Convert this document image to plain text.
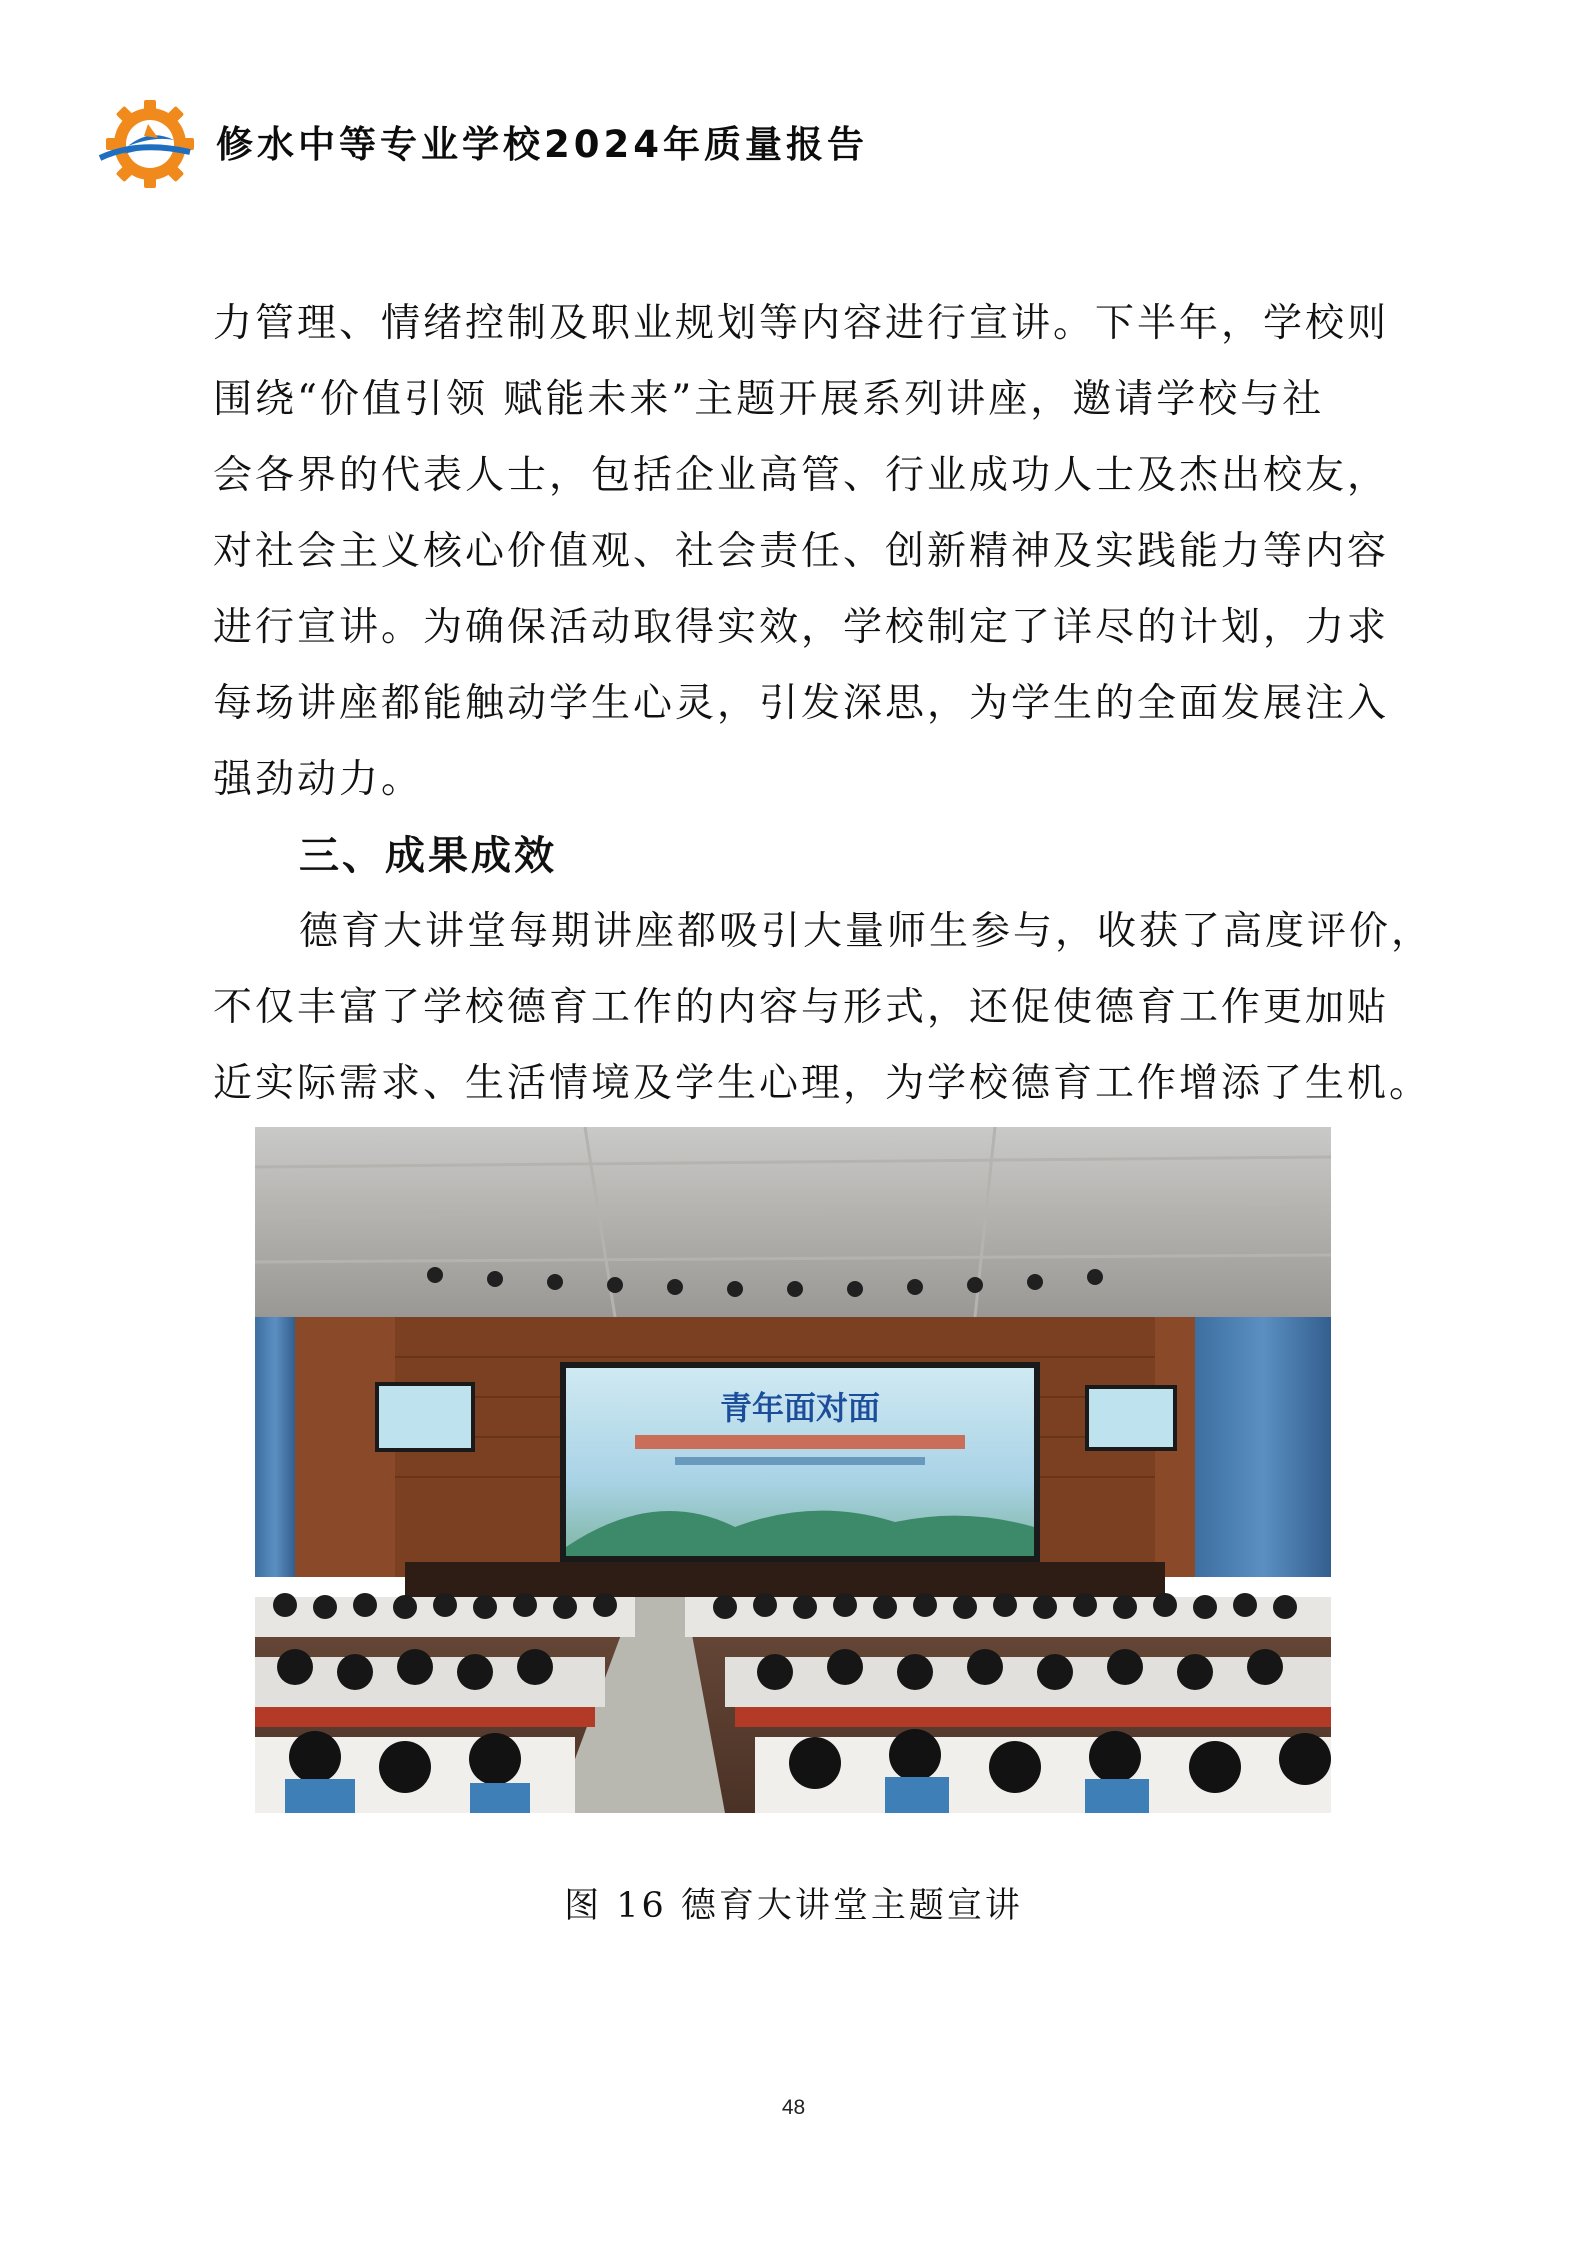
修水中等专业学校2024年质量报告

力管理、情绪控制及职业规划等内容进行宣讲。下半年，学校则
围绕“价值引领 赋能未来”主题开展系列讲座，邀请学校与社
会各界的代表人士，包括企业高管、行业成功人士及杰出校友，
对社会主义核心价值观、社会责任、创新精神及实践能力等内容
进行宣讲。为确保活动取得实效，学校制定了详尽的计划，力求
每场讲座都能触动学生心灵，引发深思，为学生的全面发展注入
强劲动力。

三、成果成效

德育大讲堂每期讲座都吸引大量师生参与，收获了高度评价，
不仅丰富了学校德育工作的内容与形式，还促使德育工作更加贴
近实际需求、生活情境及学生心理，为学校德育工作增添了生机。

青年面对面
图 16 德育大讲堂主题宣讲
48
